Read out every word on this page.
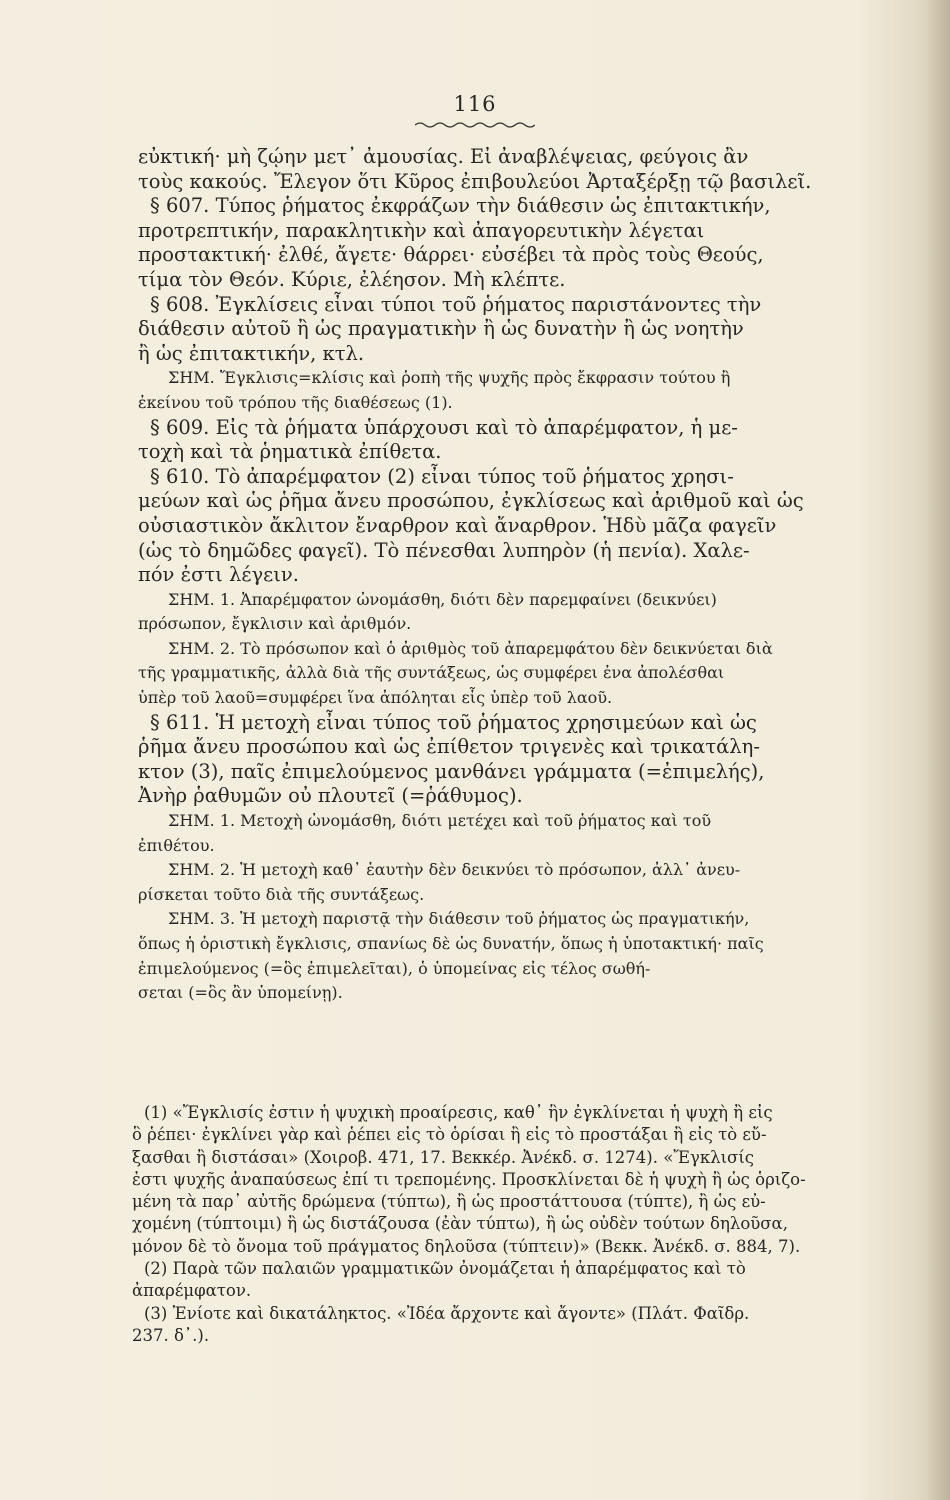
116
εὐκτική· μὴ ζῴην μετ᾽ ἀμουσίας. Εἰ ἀναβλέψειας, φεύγοις ἂν
τοὺς κακούς. Ἔλεγον ὅτι Κῦρος ἐπιβουλεύοι Ἀρταξέρξῃ τῷ βασιλεῖ.
§ 607. Τύπος ῥήματος ἐκφράζων τὴν διάθεσιν ὡς ἐπιτακτικήν,
προτρεπτικήν, παρακλητικὴν καὶ ἀπαγορευτικὴν λέγεται
προστακτική· ἐλθέ, ἄγετε· θάρρει· εὐσέβει τὰ πρὸς τοὺς Θεούς,
τίμα τὸν Θεόν. Κύριε, ἐλέησον. Μὴ κλέπτε.
§ 608. Ἐγκλίσεις εἶναι τύποι τοῦ ῥήματος παριστάνοντες τὴν
διάθεσιν αὐτοῦ ἢ ὡς πραγματικὴν ἢ ὡς δυνατὴν ἢ ὡς νοητὴν
ἢ ὡς ἐπιτακτικήν, κτλ.
ΣΗΜ. Ἔγκλισις=κλίσις καὶ ῥοπὴ τῆς ψυχῆς πρὸς ἔκφρασιν τούτου ἢ
ἐκείνου τοῦ τρόπου τῆς διαθέσεως (1).
§ 609. Εἰς τὰ ῥήματα ὑπάρχουσι καὶ τὸ ἀπαρέμφατον, ἡ με-
τοχὴ καὶ τὰ ῥηματικὰ ἐπίθετα.
§ 610. Τὸ ἀπαρέμφατον (2) εἶναι τύπος τοῦ ῥήματος χρησι-
μεύων καὶ ὡς ῥῆμα ἄνευ προσώπου, ἐγκλίσεως καὶ ἀριθμοῦ καὶ ὡς
οὐσιαστικὸν ἄκλιτον ἔναρθρον καὶ ἄναρθρον. Ἡδὺ μᾶζα φαγεῖν
(ὡς τὸ δημῶδες φαγεῖ). Τὸ πένεσθαι λυπηρὸν (ἡ πενία). Χαλε-
πόν ἐστι λέγειν.
ΣΗΜ. 1. Ἀπαρέμφατον ὠνομάσθη, διότι δὲν παρεμφαίνει (δεικνύει)
πρόσωπον, ἔγκλισιν καὶ ἀριθμόν.
ΣΗΜ. 2. Τὸ πρόσωπον καὶ ὁ ἀριθμὸς τοῦ ἀπαρεμφάτου δὲν δεικνύεται διὰ
τῆς γραμματικῆς, ἀλλὰ διὰ τῆς συντάξεως, ὡς συμφέρει ἐνα ἀπολέσθαι
ὑπὲρ τοῦ λαοῦ=συμφέρει ἵνα ἀπόληται εἷς ὑπὲρ τοῦ λαοῦ.
§ 611. Ἡ μετοχὴ εἶναι τύπος τοῦ ῥήματος χρησιμεύων καὶ ὡς
ῥῆμα ἄνευ προσώπου καὶ ὡς ἐπίθετον τριγενὲς καὶ τρικατάλη-
κτον (3), παῖς ἐπιμελούμενος μανθάνει γράμματα (=ἐπιμελής),
Ἀνὴρ ῥαθυμῶν οὐ πλουτεῖ (=ῥάθυμος).
ΣΗΜ. 1. Μετοχὴ ὠνομάσθη, διότι μετέχει καὶ τοῦ ῥήματος καὶ τοῦ
ἐπιθέτου.
ΣΗΜ. 2. Ἡ μετοχὴ καθ᾽ ἑαυτὴν δὲν δεικνύει τὸ πρόσωπον, ἀλλ᾽ ἀνευ-
ρίσκεται τοῦτο διὰ τῆς συντάξεως.
ΣΗΜ. 3. Ἡ μετοχὴ παριστᾷ τὴν διάθεσιν τοῦ ῥήματος ὡς πραγματικήν,
ὅπως ἡ ὁριστικὴ ἔγκλισις, σπανίως δὲ ὡς δυνατήν, ὅπως ἡ ὑποτακτική· παῖς
ἐπιμελούμενος (=ὃς ἐπιμελεῖται), ὁ ὑπομείνας εἰς τέλος σωθή-
σεται (=ὃς ἂν ὑπομείνῃ).
(1) «Ἔγκλισίς ἐστιν ἡ ψυχικὴ προαίρεσις, καθ᾽ ἣν ἐγκλίνεται ἡ ψυχὴ ἢ εἰς
ὃ ῥέπει· ἐγκλίνει γὰρ καὶ ῥέπει εἰς τὸ ὁρίσαι ἢ εἰς τὸ προστάξαι ἢ εἰς τὸ εὔ-
ξασθαι ἢ διστάσαι» (Χοιροβ. 471, 17. Βεκκέρ. Ἀνέκδ. σ. 1274). «Ἔγκλισίς
ἐστι ψυχῆς ἀναπαύσεως ἐπί τι τρεπομένης. Προσκλίνεται δὲ ἡ ψυχὴ ἢ ὡς ὁριζο-
μένη τὰ παρ᾽ αὐτῆς δρώμενα (τύπτω), ἢ ὡς προστάττουσα (τύπτε), ἢ ὡς εὐ-
χομένη (τύπτοιμι) ἢ ὡς διστάζουσα (ἐὰν τύπτω), ἢ ὡς οὐδὲν τούτων δηλοῦσα,
μόνον δὲ τὸ ὄνομα τοῦ πράγματος δηλοῦσα (τύπτειν)» (Βεκκ. Ἀνέκδ. σ. 884, 7).
(2) Παρὰ τῶν παλαιῶν γραμματικῶν ὀνομάζεται ἡ ἀπαρέμφατος καὶ τὸ
ἀπαρέμφατον.
(3) Ἐνίοτε καὶ δικατάληκτος. «Ἰδέα ἄρχοντε καὶ ἄγοντε» (Πλάτ. Φαῖδρ.
237. δ᾽.).
